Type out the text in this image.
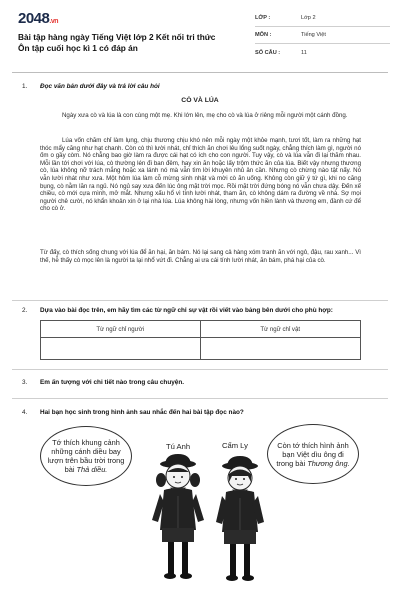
2048.vn
Bài tập hàng ngày Tiếng Việt lớp 2 Kết nối tri thức Ôn tập cuối học kì 1 có đáp án
LỚP :	Lớp 2
MÔN :	Tiếng Việt
SỐ CÂU :	11
1. Đọc văn bản dưới đây và trả lời câu hỏi
CÒ VÀ LÚA
Ngày xưa cò và lúa là con cùng một mẹ. Khi lớn lên, mẹ cho cò và lúa ở riêng mỗi người một cánh đồng.
Lúa vốn chăm chỉ làm lụng, chịu thương chịu khó nên mỗi ngày một khỏe mạnh, tươi tốt, làm ra những hạt thóc mẩy căng như hạt chanh. Còn cò thì lười nhát, chỉ thích ăn chơi lêu lổng suốt ngày, chẳng thích làm gì, người nó ốm o gầy còm. Nó chẳng bao giờ làm ra được cái hạt có ích cho con người. Tuy vậy, cò và lúa vẫn đi lại thăm nhau. Mỗi lần tới chơi với lúa, cò thường lén đi ban đêm, hay xin ăn hoặc lấy trộm thức ăn của lúa. Biết vậy nhưng thương cò, lúa không nỡ trách mắng hoặc xa lánh nó mà vẫn tìm lời khuyên nhủ ân cần. Nhưng cò chừng nào tật nấy. Nó vẫn lười nhát như xưa. Một hôm lúa làm cỗ mừng sinh nhật và mời cò ăn uống. Không còn giữ ý tứ gì, khi no căng bụng, cò nằm lăn ra ngủ. Nó ngủ say xưa đến lúc ông mặt trời mọc. Rồi mặt trời đứng bóng nó vẫn chưa dậy. Đến xế chiều, cò mới cựa mình, mở mắt. Nhưng xấu hổ vì tính lười nhát, tham ăn, cò không dám ra đường về nhà. Sợ mọi người chê cười, nó khẩn khoản xin ở lại nhà lúa. Lúa không hài lòng, nhưng vốn hiền lành và thương em, đành cứ để cho cò ở.
Từ đấy, cò thích sống chung với lúa để ăn hại, ăn bám. Nó lại sang cả hàng xóm tranh ăn với ngô, đậu, rau xanh... Vì thế, hễ thấy cò mọc lên là người ta lại nhổ vứt đi. Chẳng ai ưa cái tính lười nhát, ăn bám, phá hại của cò.
2. Dựa vào bài đọc trên, em hãy tìm các từ ngữ chỉ sự vật rồi viết vào bảng bên dưới cho phù hợp:
Từ ngữ chỉ người	Từ ngữ chỉ vật
3. Em ấn tượng với chi tiết nào trong câu chuyện.
4. Hai bạn học sinh trong hình ảnh sau nhắc đến hai bài tập đọc nào?
Tớ thích khung cảnh những cánh diều bay lượn trên bầu trời trong bài Thả diều.
Còn tớ thích hình ảnh bạn Việt dìu ông đi trong bài Thương ông.
Tú Anh	Cẩm Ly
